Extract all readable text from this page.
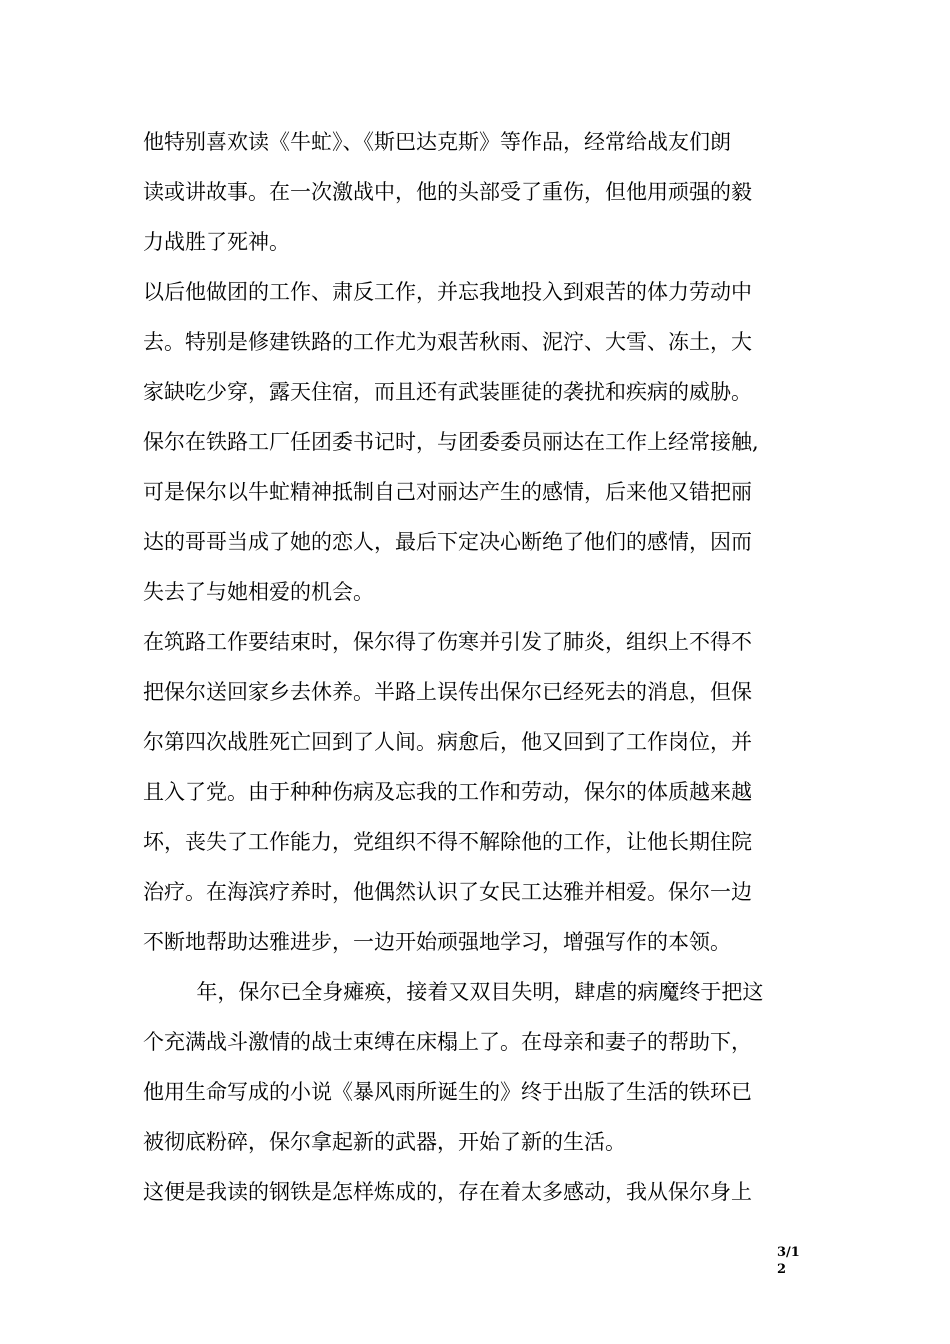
他特别喜欢读《牛虻》、《斯巴达克斯》等作品，经常给战友们朗
读或讲故事。在一次激战中，他的头部受了重伤，但他用顽强的毅
力战胜了死神。
以后他做团的工作、肃反工作，并忘我地投入到艰苦的体力劳动中
去。特别是修建铁路的工作尤为艰苦秋雨、泥泞、大雪、冻土，大
家缺吃少穿，露天住宿，而且还有武装匪徒的袭扰和疾病的威胁。
保尔在铁路工厂任团委书记时，与团委委员丽达在工作上经常接触,
可是保尔以牛虻精神抵制自己对丽达产生的感情，后来他又错把丽
达的哥哥当成了她的恋人，最后下定决心断绝了他们的感情，因而
失去了与她相爱的机会。
在筑路工作要结束时，保尔得了伤寒并引发了肺炎，组织上不得不
把保尔送回家乡去休养。半路上误传出保尔已经死去的消息，但保
尔第四次战胜死亡回到了人间。病愈后，他又回到了工作岗位，并
且入了党。由于种种伤病及忘我的工作和劳动，保尔的体质越来越
坏，丧失了工作能力，党组织不得不解除他的工作，让他长期住院
治疗。在海滨疗养时，他偶然认识了女民工达雅并相爱。保尔一边
不断地帮助达雅进步，一边开始顽强地学习，增强写作的本领。
年，保尔已全身瘫痪，接着又双目失明，肆虐的病魔终于把这
个充满战斗激情的战士束缚在床榻上了。在母亲和妻子的帮助下，
他用生命写成的小说《暴风雨所诞生的》终于出版了生活的铁环已
被彻底粉碎，保尔拿起新的武器，开始了新的生活。
这便是我读的钢铁是怎样炼成的，存在着太多感动，我从保尔身上
3/1
2
